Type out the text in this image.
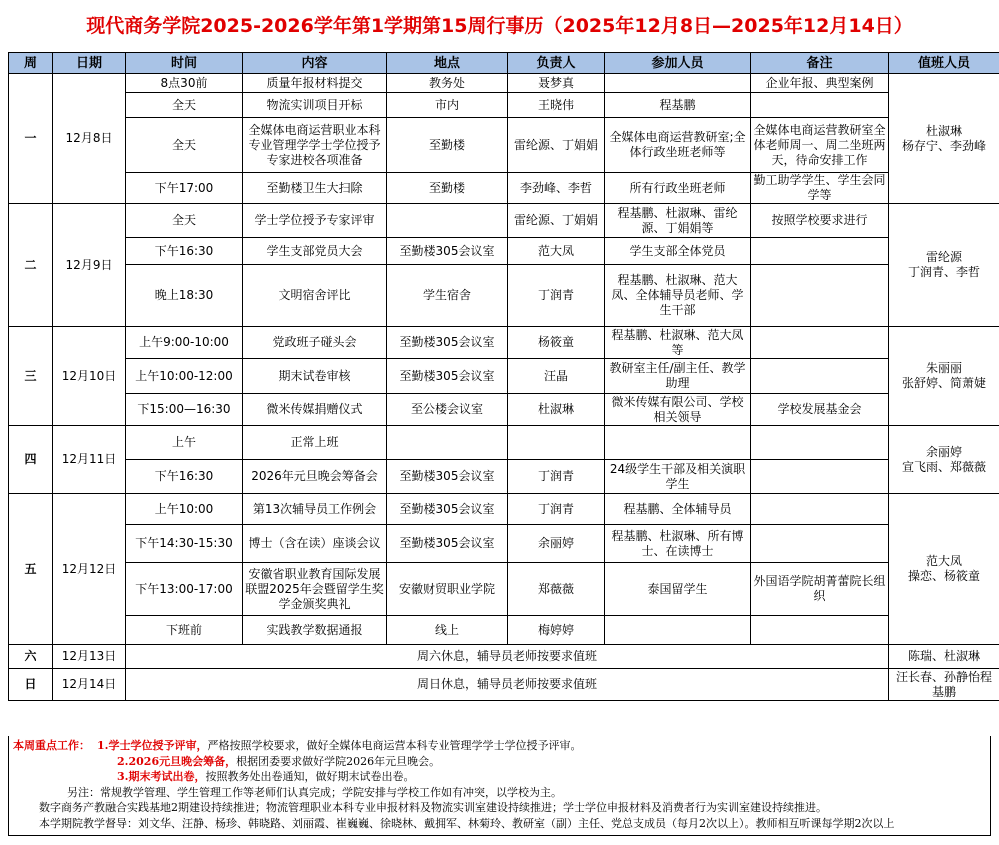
现代商务学院2025-2026学年第1学期第15周行事历（2025年12月8日—2025年12月14日）
周	日期	时间	内容	地点	负责人	参加人员	备注	值班人员
一	12月8日	8点30前	质量年报材料提交	教务处	聂梦真		企业年报、典型案例	杜淑琳
杨存宁、李劲峰
		全天	物流实训项目开标	市内	王晓伟	程基鹏		
		全天	全媒体电商运营职业本科专业管理学学士学位授予专家进校各项准备	至勤楼	雷纶源、丁娟娟	全媒体电商运营教研室;全体行政坐班老师等	全媒体电商运营教研室全体老师周一、周二坐班两天，待命安排工作	
		下午17:00	至勤楼卫生大扫除	至勤楼	李劲峰、李哲	所有行政坐班老师	勤工助学学生、学生会同学等	
二	12月9日	全天	学士学位授予专家评审		雷纶源、丁娟娟	程基鹏、杜淑琳、雷纶源、丁娟娟等	按照学校要求进行	雷纶源
丁润青、李哲
		下午16:30	学生支部党员大会	至勤楼305会议室	范大凤	学生支部全体党员		
		晚上18:30	文明宿舍评比	学生宿舍	丁润青	程基鹏、杜淑琳、范大凤、全体辅导员老师、学生干部		
三	12月10日	上午9:00-10:00	党政班子碰头会	至勤楼305会议室	杨筱童	程基鹏、杜淑琳、范大凤等		朱丽丽
张舒婷、简萧婕
		上午10:00-12:00	期末试卷审核	至勤楼305会议室	汪晶	教研室主任/副主任、教学助理		
		下15:00—16:30	微米传媒捐赠仪式	至公楼会议室	杜淑琳	微米传媒有限公司、学校相关领导	学校发展基金会	
四	12月11日	上午	正常上班					余丽婷
宣飞雨、郑薇薇
		下午16:30	2026年元旦晚会筹备会	至勤楼305会议室	丁润青	24级学生干部及相关演职学生		
五	12月12日	上午10:00	第13次辅导员工作例会	至勤楼305会议室	丁润青	程基鹏、全体辅导员		范大凤
操恋、杨筱童
		下午14:30-15:30	博士（含在读）座谈会议	至勤楼305会议室	余丽婷	程基鹏、杜淑琳、所有博士、在读博士		
		下午13:00-17:00	安徽省职业教育国际发展联盟2025年会暨留学生奖学金颁奖典礼	安徽财贸职业学院	郑薇薇	泰国留学生	外国语学院胡菁蕾院长组织	
		下班前	实践教学数据通报	线上	梅婷婷			
六	12月13日	周六休息，辅导员老师按要求值班						陈瑞、杜淑琳
日	12月14日	周日休息，辅导员老师按要求值班						汪长春、孙静怡程基鹏
本周重点工作： 1.学士学位授予评审，严格按照学校要求，做好全媒体电商运营本科专业管理学学士学位授予评审。
2.2026元旦晚会筹备，根据团委要求做好学院2026年元旦晚会。
3.期末考试出卷，按照教务处出卷通知，做好期末试卷出卷。
另注：常规教学管理、学生管理工作等老师们认真完成；学院安排与学校工作如有冲突，以学校为主。
数字商务产教融合实践基地2期建设持续推进；物流管理职业本科专业申报材料及物流实训室建设持续推进；学士学位申报材料及消费者行为实训室建设持续推进。
本学期院教学督导：刘文华、汪静、杨珍、韩晓路、刘丽霞、崔巍巍、徐晓林、戴拥军、林菊玲、教研室（副）主任、党总支成员（每月2次以上）。教师相互听课每学期2次以上
